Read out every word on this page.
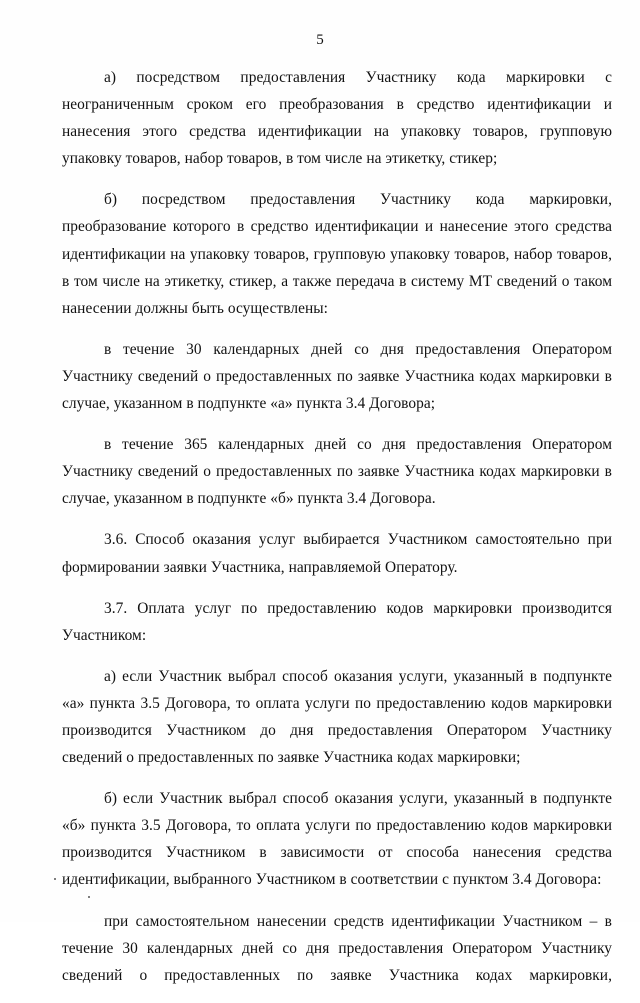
5

а) посредством предоставления Участнику кода маркировки с неограниченным сроком его преобразования в средство идентификации и нанесения этого средства идентификации на упаковку товаров, групповую упаковку товаров, набор товаров, в том числе на этикетку, стикер;

б) посредством предоставления Участнику кода маркировки, преобразование которого в средство идентификации и нанесение этого средства идентификации на упаковку товаров, групповую упаковку товаров, набор товаров, в том числе на этикетку, стикер, а также передача в систему МТ сведений о таком нанесении должны быть осуществлены:

в течение 30 календарных дней со дня предоставления Оператором Участнику сведений о предоставленных по заявке Участника кодах маркировки в случае, указанном в подпункте «а» пункта 3.4 Договора;

в течение 365 календарных дней со дня предоставления Оператором Участнику сведений о предоставленных по заявке Участника кодах маркировки в случае, указанном в подпункте «б» пункта 3.4 Договора.

3.6. Способ оказания услуг выбирается Участником самостоятельно при формировании заявки Участника, направляемой Оператору.

3.7. Оплата услуг по предоставлению кодов маркировки производится Участником:

а) если Участник выбрал способ оказания услуги, указанный в подпункте «а» пункта 3.5 Договора, то оплата услуги по предоставлению кодов маркировки производится Участником до дня предоставления Оператором Участнику сведений о предоставленных по заявке Участника кодах маркировки;

б) если Участник выбрал способ оказания услуги, указанный в подпункте «б» пункта 3.5 Договора, то оплата услуги по предоставлению кодов маркировки производится Участником в зависимости от способа нанесения средства идентификации, выбранного Участником в соответствии с пунктом 3.4 Договора:

при самостоятельном нанесении средств идентификации Участником – в течение 30 календарных дней со дня предоставления Оператором Участнику сведений о предоставленных по заявке Участника кодах маркировки,
